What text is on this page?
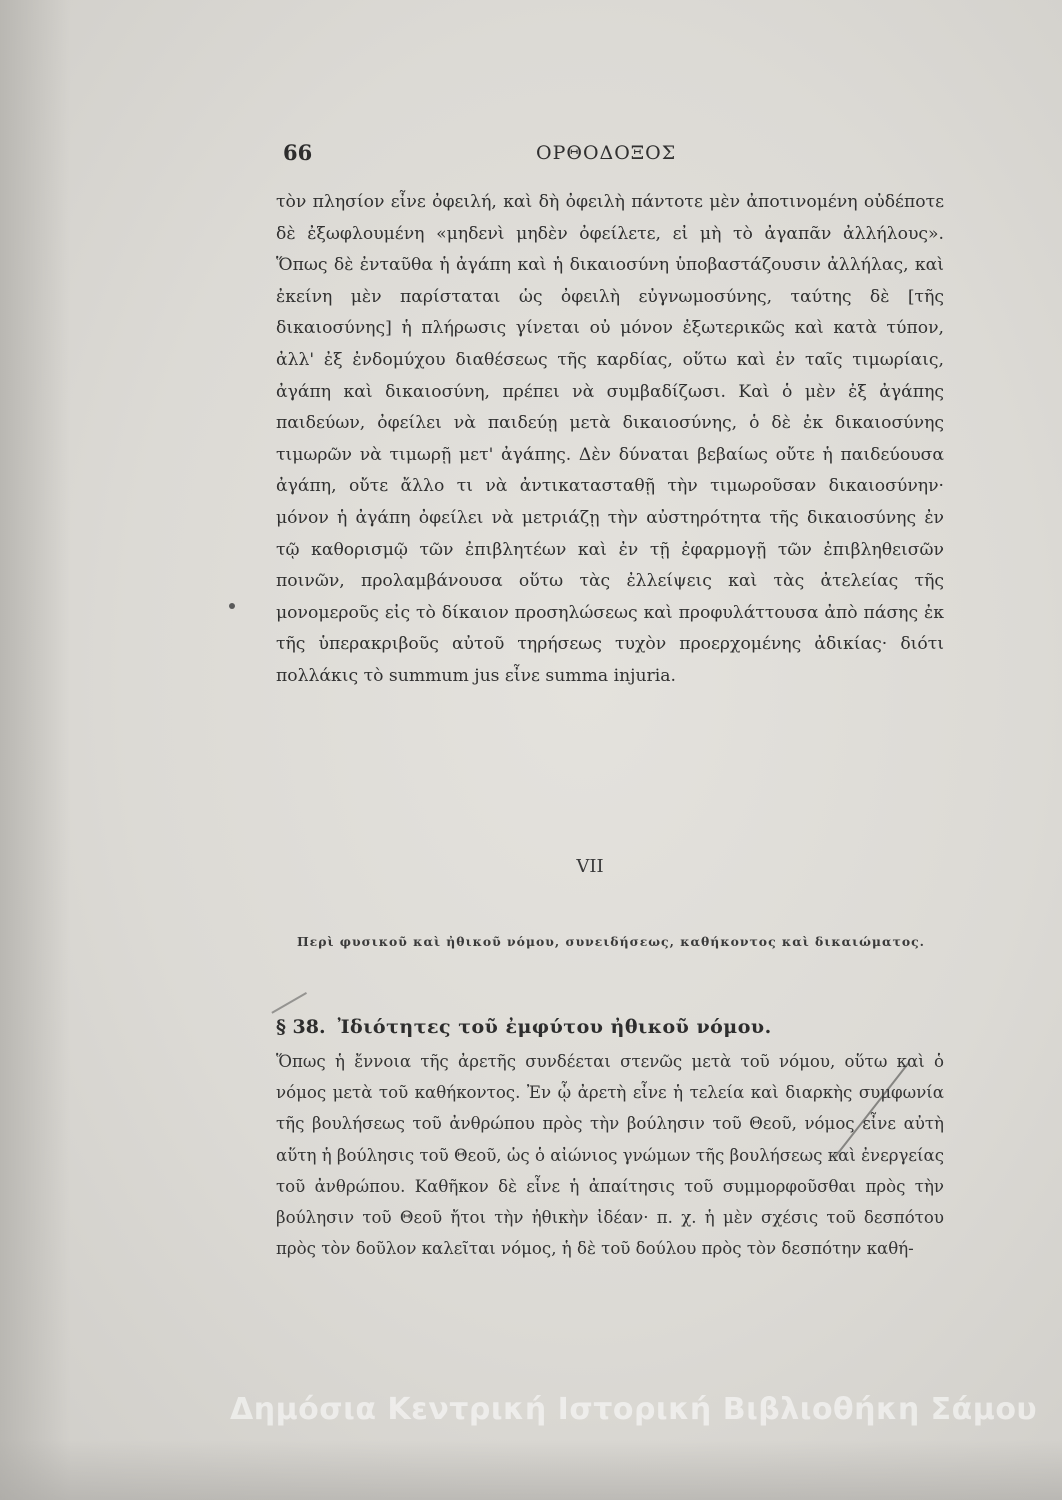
66	ΟΡΘΟΔΟΞΟΣ

τὸν πλησίον εἶνε ὀφειλή, καὶ δὴ ὀφειλὴ πάντοτε μὲν ἀποτινομένη οὐδέποτε δὲ ἐξωφλουμένη «μηδενὶ μηδὲν ὀφείλετε, εἰ μὴ τὸ ἀγαπᾶν ἀλλήλους». Ὅπως δὲ ἐνταῦθα ἡ ἀγάπη καὶ ἡ δικαιοσύνη ὑποβαστάζουσιν ἀλλήλας, καὶ ἐκείνη μὲν παρίσταται ὡς ὀφειλὴ εὐγνωμοσύνης, ταύτης δὲ [τῆς δικαιοσύνης] ἡ πλήρωσις γίνεται οὐ μόνον ἐξωτερικῶς καὶ κατὰ τύπον, ἀλλ' ἐξ ἐνδομύχου διαθέσεως τῆς καρδίας, οὕτω καὶ ἐν ταῖς τιμωρίαις, ἀγάπη καὶ δικαιοσύνη, πρέπει νὰ συμβαδίζωσι. Καὶ ὁ μὲν ἐξ ἀγάπης παιδεύων, ὀφείλει νὰ παιδεύῃ μετὰ δικαιοσύνης, ὁ δὲ ἐκ δικαιοσύνης τιμωρῶν νὰ τιμωρῇ μετ' ἀγάπης. Δὲν δύναται βεβαίως οὔτε ἡ παιδεύουσα ἀγάπη, οὔτε ἄλλο τι νὰ ἀντικατασταθῇ τὴν τιμωροῦσαν δικαιοσύνην· μόνον ἡ ἀγάπη ὀφείλει νὰ μετριάζῃ τὴν αὐστηρότητα τῆς δικαιοσύνης ἐν τῷ καθορισμῷ τῶν ἐπιβλητέων καὶ ἐν τῇ ἐφαρμογῇ τῶν ἐπιβληθεισῶν ποινῶν, προλαμβάνουσα οὕτω τὰς ἐλλείψεις καὶ τὰς ἀτελείας τῆς μονομεροῦς εἰς τὸ δίκαιον προσηλώσεως καὶ προφυλάττουσα ἀπὸ πάσης ἐκ τῆς ὑπερακριβοῦς αὐτοῦ τηρήσεως τυχὸν προερχομένης ἀδικίας· διότι πολλάκις τὸ summum jus εἶνε summa injuria.

VII
Περὶ φυσικοῦ καὶ ἠθικοῦ νόμου, συνειδήσεως, καθήκοντος καὶ δικαιώματος.
§ 38. Ἰδιότητες τοῦ ἐμφύτου ἠθικοῦ νόμου.

Ὅπως ἡ ἔννοια τῆς ἀρετῆς συνδέεται στενῶς μετὰ τοῦ νόμου, οὕτω καὶ ὁ νόμος μετὰ τοῦ καθήκοντος. Ἐν ᾧ ἀρετὴ εἶνε ἡ τελεία καὶ διαρκὴς συμφωνία τῆς βουλήσεως τοῦ ἀνθρώπου πρὸς τὴν βούλησιν τοῦ Θεοῦ, νόμος εἶνε αὐτὴ αὕτη ἡ βούλησις τοῦ Θεοῦ, ὡς ὁ αἰώνιος γνώμων τῆς βουλήσεως καὶ ἐνεργείας τοῦ ἀνθρώπου. Καθῆκον δὲ εἶνε ἡ ἀπαίτησις τοῦ συμμορφοῦσθαι πρὸς τὴν βούλησιν τοῦ Θεοῦ ἤτοι τὴν ἠθικὴν ἰδέαν· π. χ. ἡ μὲν σχέσις τοῦ δεσπότου πρὸς τὸν δοῦλον καλεῖται νόμος, ἡ δὲ τοῦ δούλου πρὸς τὸν δεσπότην καθή-

Δημόσια Κεντρική Ιστορική Βιβλιοθήκη Σάμου
